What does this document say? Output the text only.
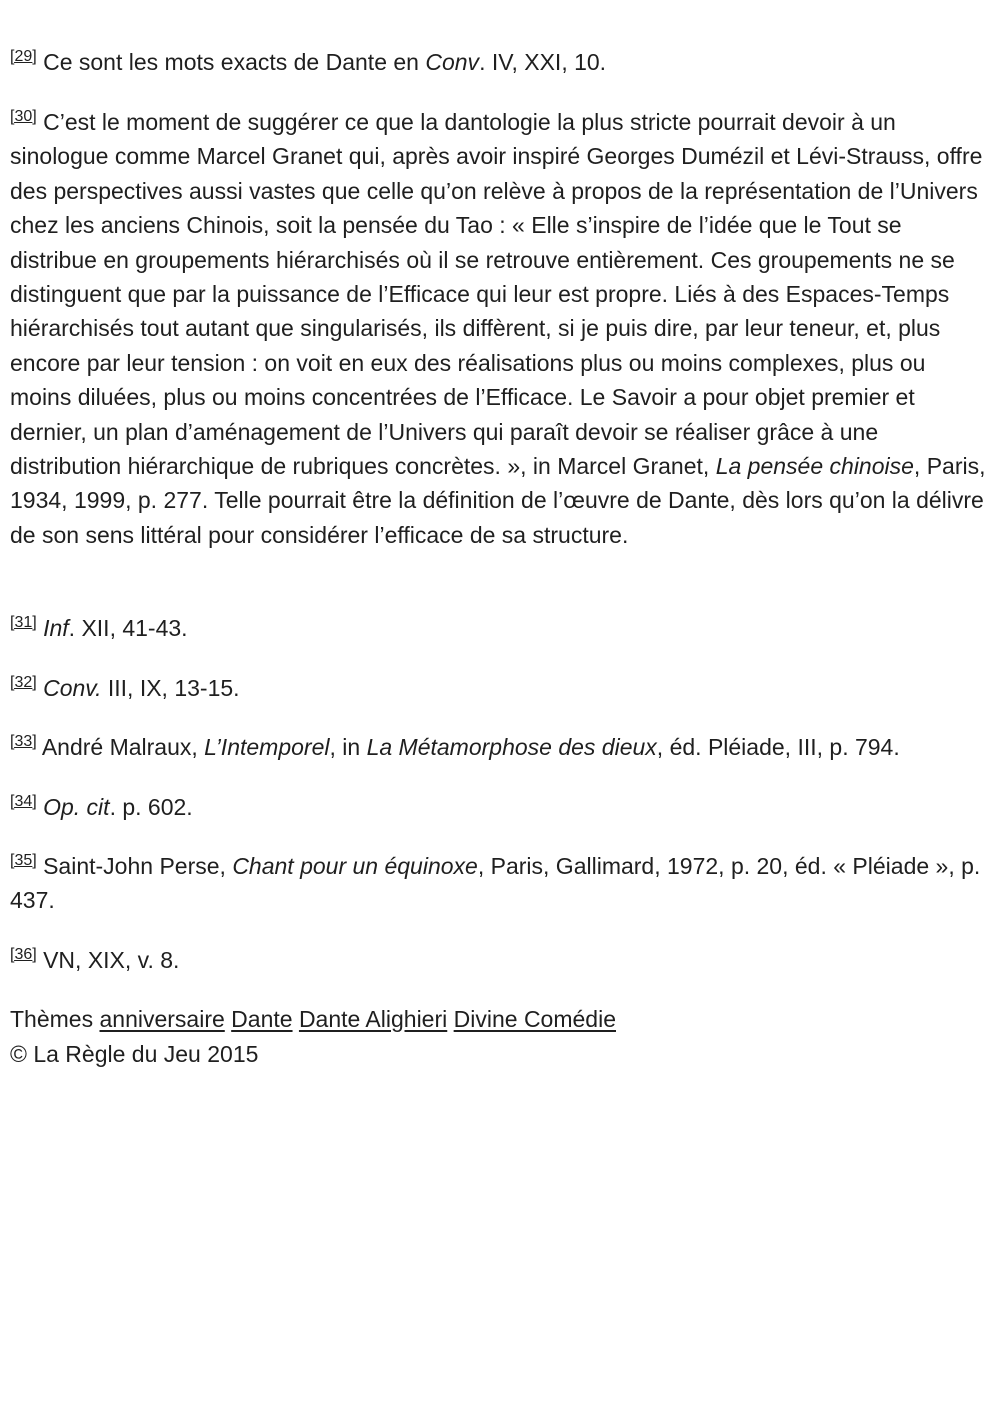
[29] Ce sont les mots exacts de Dante en Conv. IV, XXI, 10.

[30] C’est le moment de suggérer ce que la dantologie la plus stricte pourrait devoir à un sinologue comme Marcel Granet qui, après avoir inspiré Georges Dumézil et Lévi-Strauss, offre des perspectives aussi vastes que celle qu’on relève à propos de la représentation de l’Univers chez les anciens Chinois, soit la pensée du Tao : « Elle s’inspire de l’idée que le Tout se distribue en groupements hiérarchisés où il se retrouve entièrement. Ces groupements ne se distinguent que par la puissance de l’Efficace qui leur est propre. Liés à des Espaces-Temps hiérarchisés tout autant que singularisés, ils diffèrent, si je puis dire, par leur teneur, et, plus encore par leur tension : on voit en eux des réalisations plus ou moins complexes, plus ou moins diluées, plus ou moins concentrées de l’Efficace. Le Savoir a pour objet premier et dernier, un plan d’aménagement de l’Univers qui paraît devoir se réaliser grâce à une distribution hiérarchique de rubriques concrètes. », in Marcel Granet, La pensée chinoise, Paris, 1934, 1999, p. 277. Telle pourrait être la définition de l’œuvre de Dante, dès lors qu’on la délivre de son sens littéral pour considérer l’efficace de sa structure.

[31] Inf. XII, 41-43.

[32] Conv. III, IX, 13-15.

[33] André Malraux, L’Intemporel, in La Métamorphose des dieux, éd. Pléiade, III, p. 794.

[34] Op. cit. p. 602.

[35] Saint-John Perse, Chant pour un équinoxe, Paris, Gallimard, 1972, p. 20, éd. « Pléiade », p. 437.

[36] VN, XIX, v. 8.

Thèmes anniversaire Dante Dante Alighieri Divine Comédie

© La Règle du Jeu 2015
